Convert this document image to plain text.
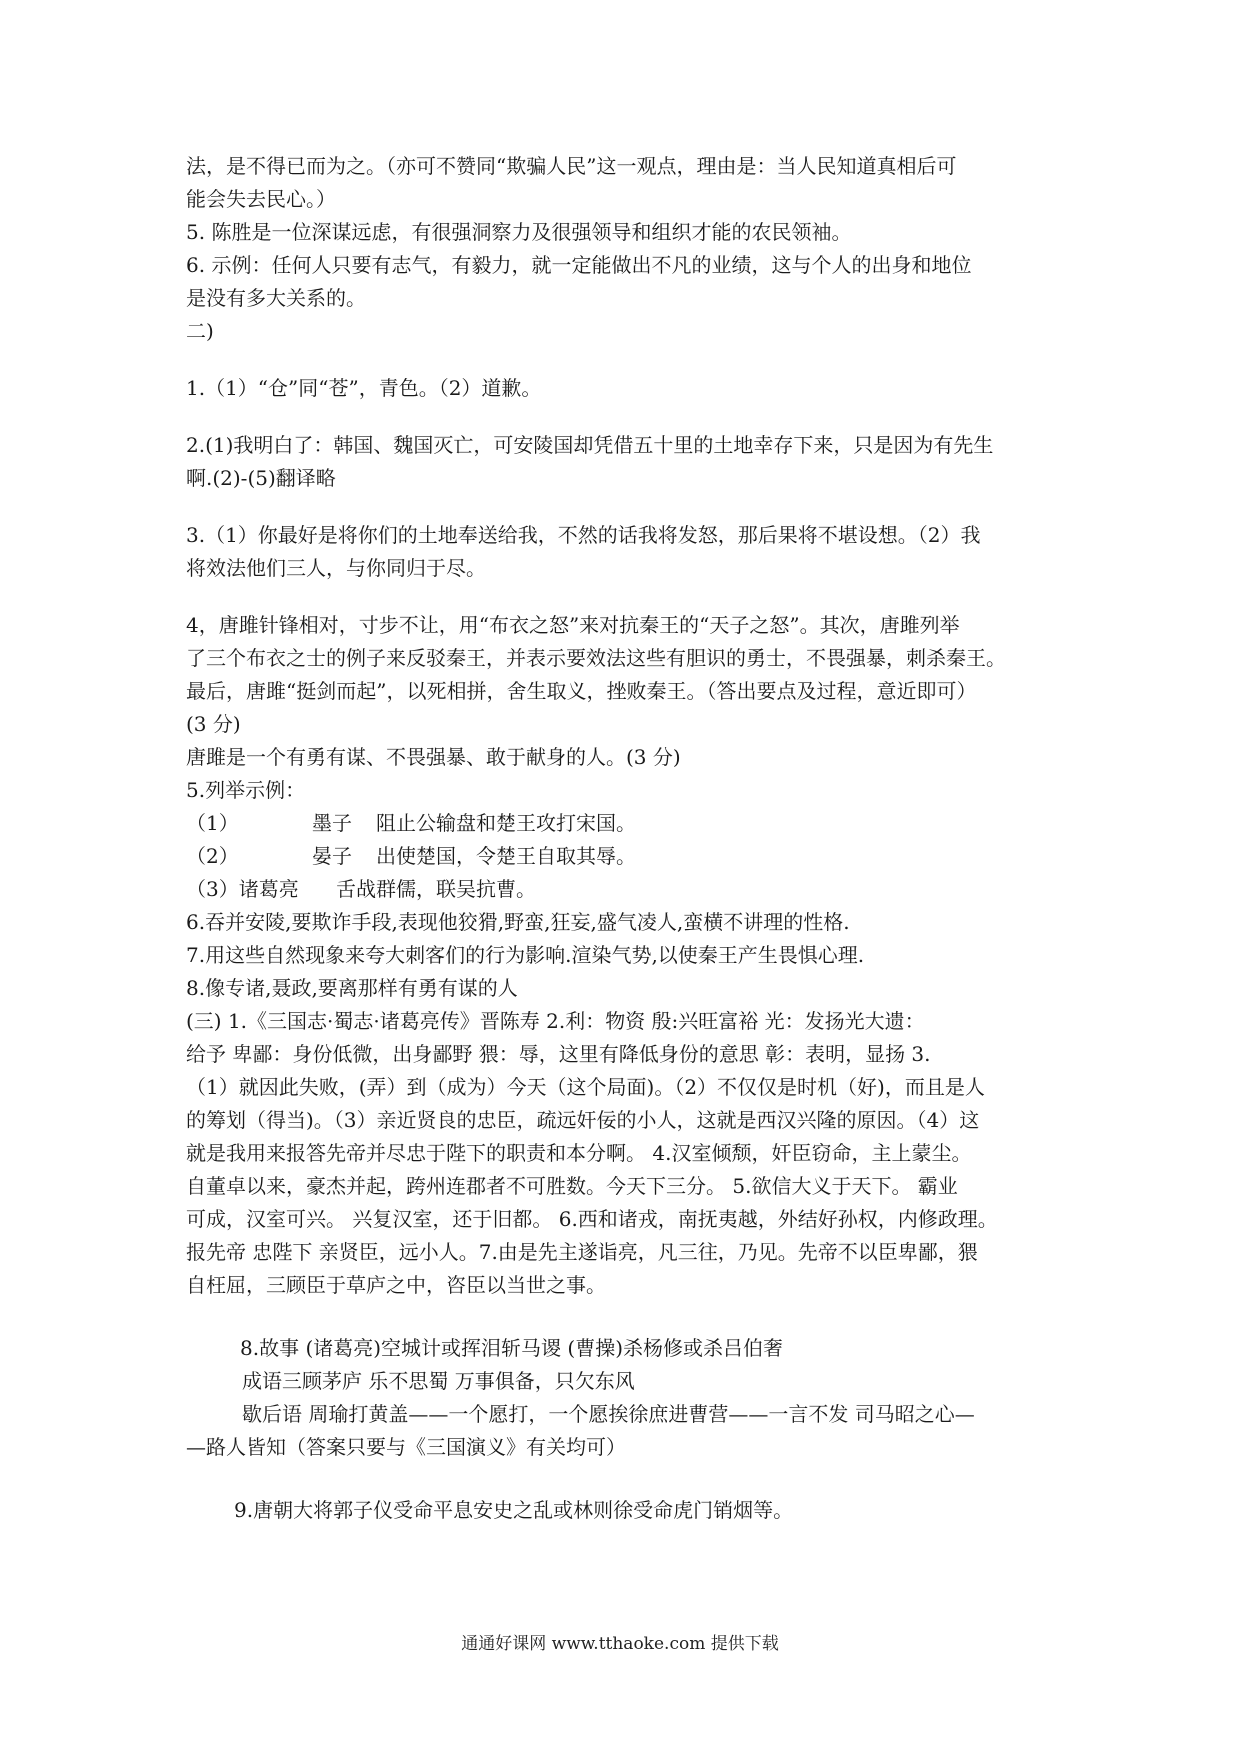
法，是不得已而为之。（亦可不赞同“欺骗人民”这一观点，理由是：当人民知道真相后可
能会失去民心。）
5. 陈胜是一位深谋远虑，有很强洞察力及很强领导和组织才能的农民领袖。
6. 示例：任何人只要有志气，有毅力，就一定能做出不凡的业绩，这与个人的出身和地位
是没有多大关系的。
二)
1.（1）“仓”同“苍”，青色。（2）道歉。
2.(1)我明白了：韩国、魏国灭亡，可安陵国却凭借五十里的土地幸存下来，只是因为有先生
啊.(2)-(5)翻译略
3.（1）你最好是将你们的土地奉送给我，不然的话我将发怒，那后果将不堪设想。（2）我
将效法他们三人，与你同归于尽。
4，唐雎针锋相对，寸步不让，用“布衣之怒”来对抗秦王的“天子之怒”。其次，唐雎列举
了三个布衣之士的例子来反驳秦王，并表示要效法这些有胆识的勇士，不畏强暴，刺杀秦王。
最后，唐雎“挺剑而起”，以死相拼，舍生取义，挫败秦王。（答出要点及过程，意近即可）
(3 分)
唐雎是一个有勇有谋、不畏强暴、敢于献身的人。(3 分)
5.列举示例：
（1）	墨子 阻止公输盘和楚王攻打宋国。
（2）	晏子 出使楚国，令楚王自取其辱。
（3）诸葛亮 舌战群儒，联吴抗曹。
6.吞并安陵,要欺诈手段,表现他狡猾,野蛮,狂妄,盛气凌人,蛮横不讲理的性格.
7.用这些自然现象来夸大刺客们的行为影响.渲染气势,以使秦王产生畏惧心理.
8.像专诸,聂政,要离那样有勇有谋的人
(三) 1.《三国志·蜀志·诸葛亮传》晋陈寿 2.利：物资 殷:兴旺富裕 光：发扬光大遗：
给予 卑鄙：身份低微，出身鄙野 猥：辱，这里有降低身份的意思 彰：表明，显扬 3.
（1）就因此失败，(弄）到（成为）今天（这个局面)。（2）不仅仅是时机（好)，而且是人
的筹划（得当)。（3）亲近贤良的忠臣，疏远奸佞的小人，这就是西汉兴隆的原因。（4）这
就是我用来报答先帝并尽忠于陛下的职责和本分啊。 4.汉室倾颓，奸臣窃命，主上蒙尘。
自董卓以来，豪杰并起，跨州连郡者不可胜数。今天下三分。 5.欲信大义于天下。 霸业
可成，汉室可兴。 兴复汉室，还于旧都。 6.西和诸戎，南抚夷越，外结好孙权，内修政理。
报先帝 忠陛下 亲贤臣，远小人。7.由是先主遂诣亮，凡三往，乃见。先帝不以臣卑鄙，猥
自枉屈，三顾臣于草庐之中，咨臣以当世之事。
8.故事 (诸葛亮)空城计或挥泪斩马谡 (曹操)杀杨修或杀吕伯奢
成语三顾茅庐 乐不思蜀 万事俱备，只欠东风
歇后语 周瑜打黄盖——一个愿打，一个愿挨徐庶进曹营——一言不发 司马昭之心—
—路人皆知（答案只要与《三国演义》有关均可）
9.唐朝大将郭子仪受命平息安史之乱或林则徐受命虎门销烟等。
通通好课网 www.tthaoke.com 提供下载
